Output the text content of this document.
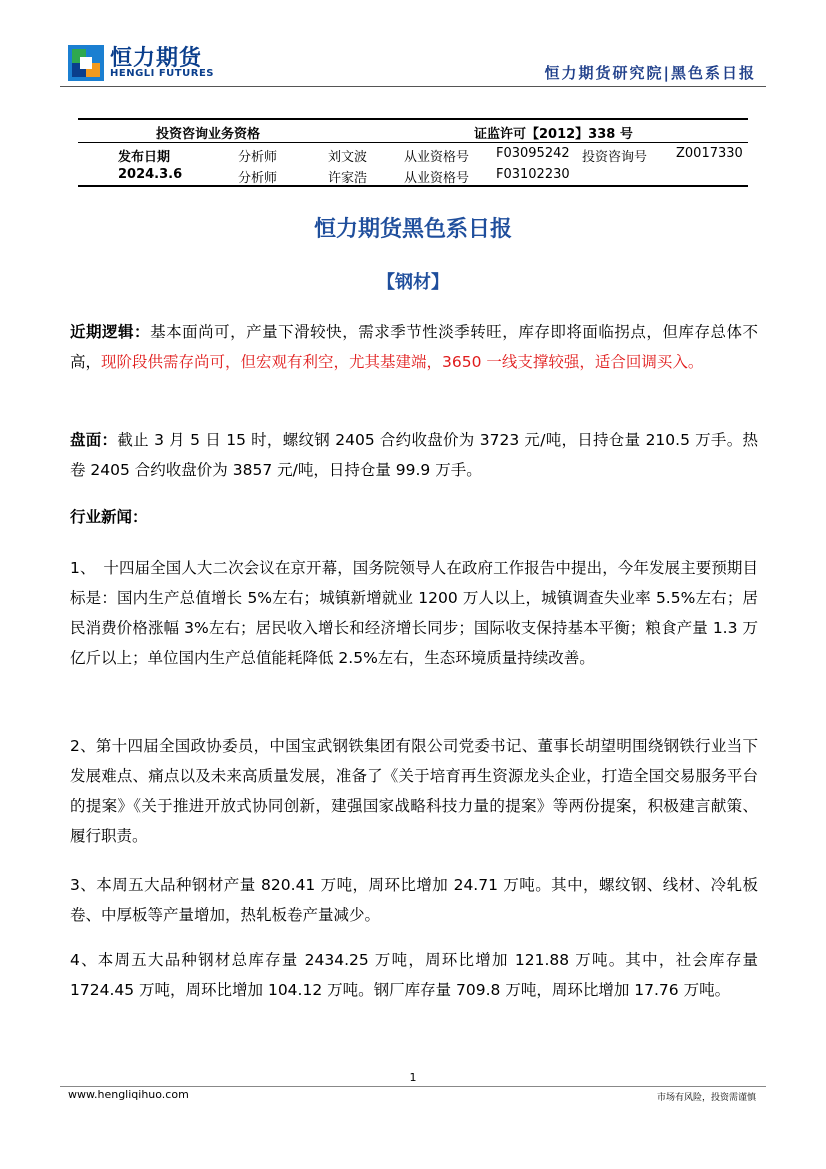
恒力期货
HENGLI FUTURES	恒力期货研究院|黑色系日报
投资咨询业务资格	证监许可【2012】338 号
发布日期	分析师	刘文波	从业资格号 F03095242 投资咨询号 Z0017330
2024.3.6	分析师	许家浩	从业资格号 F03102230
恒力期货黑色系日报
【钢材】

近期逻辑：基本面尚可，产量下滑较快，需求季节性淡季转旺，库存即将面临拐点，但库存总体不高，现阶段供需存尚可，但宏观有利空，尤其基建端，3650 一线支撑较强，适合回调买入。

盘面：截止 3 月 5 日 15 时，螺纹钢 2405 合约收盘价为 3723 元/吨，日持仓量 210.5 万手。热卷 2405 合约收盘价为 3857 元/吨，日持仓量 99.9 万手。

行业新闻：

1、　十四届全国人大二次会议在京开幕，国务院领导人在政府工作报告中提出，今年发展主要预期目标是：国内生产总值增长 5%左右；城镇新增就业 1200 万人以上，城镇调查失业率 5.5%左右；居民消费价格涨幅 3%左右；居民收入增长和经济增长同步；国际收支保持基本平衡；粮食产量 1.3 万亿斤以上；单位国内生产总值能耗降低 2.5%左右，生态环境质量持续改善。

2、第十四届全国政协委员，中国宝武钢铁集团有限公司党委书记、董事长胡望明围绕钢铁行业当下发展难点、痛点以及未来高质量发展，准备了《关于培育再生资源龙头企业，打造全国交易服务平台的提案》《关于推进开放式协同创新，建强国家战略科技力量的提案》等两份提案，积极建言献策、履行职责。

3、本周五大品种钢材产量 820.41 万吨，周环比增加 24.71 万吨。其中，螺纹钢、线材、冷轧板卷、中厚板等产量增加，热轧板卷产量减少。

4、本周五大品种钢材总库存量 2434.25 万吨，周环比增加 121.88 万吨。其中，社会库存量 1724.45 万吨，周环比增加 104.12 万吨。钢厂库存量 709.8 万吨，周环比增加 17.76 万吨。

1
www.hengliqihuo.com	市场有风险，投资需谨慎
